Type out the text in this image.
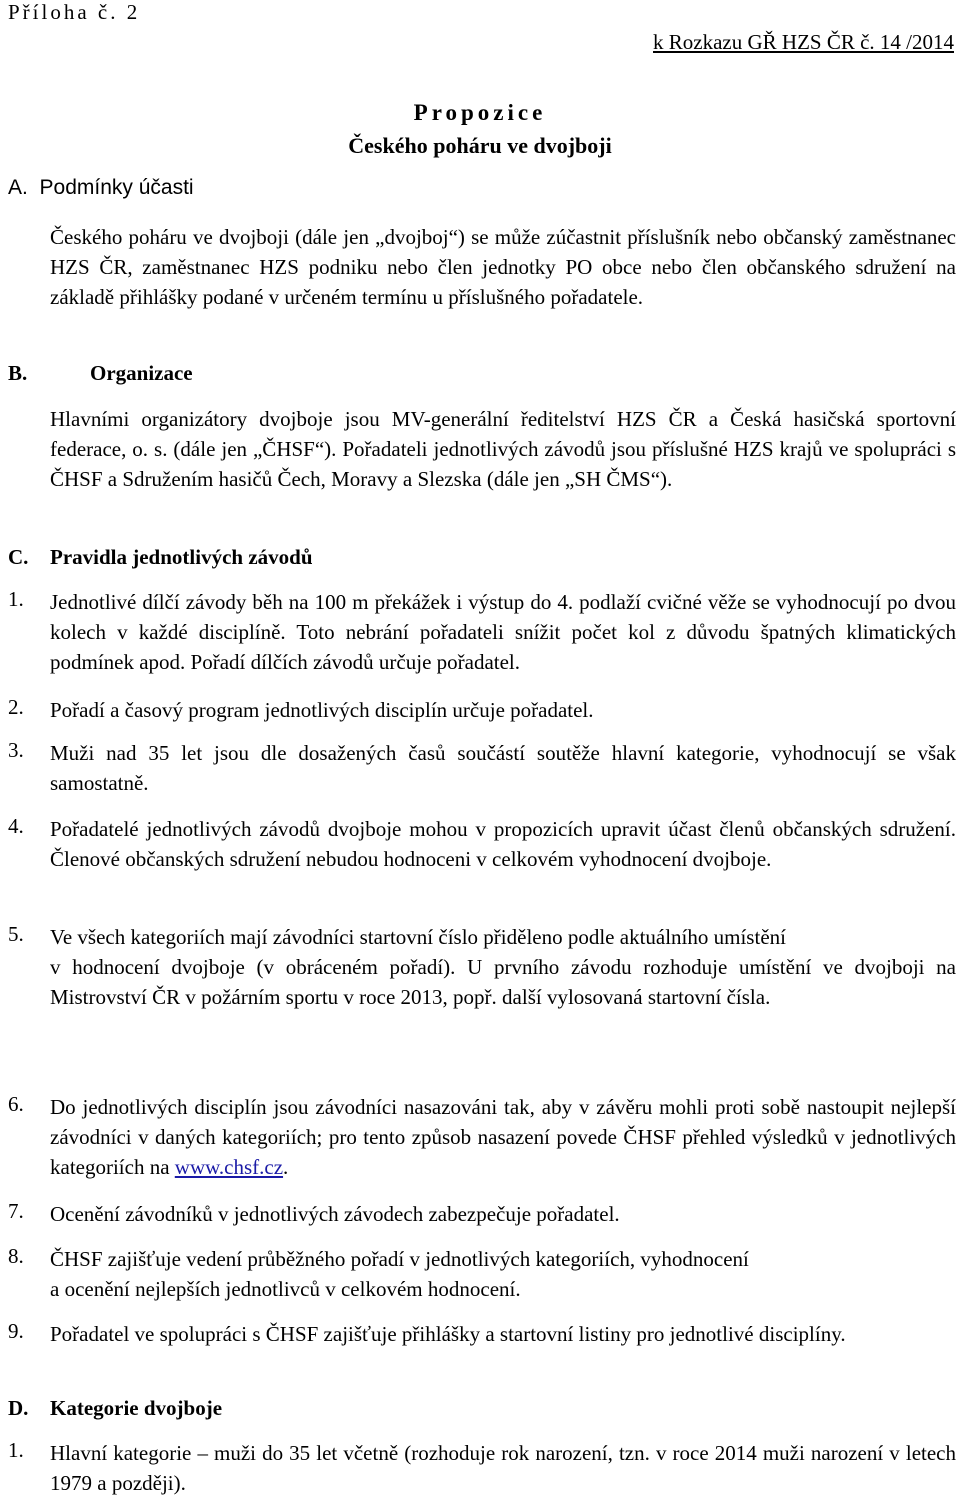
Příloha č. 2
k Rozkazu GŘ HZS ČR č. 14 /2014
Propozice
Českého poháru ve dvojboji
A. Podmínky účasti
Českého poháru ve dvojboji (dále jen „dvojboj“) se může zúčastnit příslušník nebo občanský zaměstnanec HZS ČR, zaměstnanec HZS podniku nebo člen jednotky PO obce nebo člen občanského sdružení na základě přihlášky podané v určeném termínu u příslušného pořadatele.
B.	Organizace
Hlavními organizátory dvojboje jsou MV-generální ředitelství HZS ČR a Česká hasičská sportovní federace, o. s. (dále jen „ČHSF“). Pořadateli jednotlivých závodů jsou příslušné HZS krajů ve spolupráci s ČHSF a Sdružením hasičů Čech, Moravy a Slezska (dále jen „SH ČMS“).
C. Pravidla jednotlivých závodů
1. Jednotlivé dílčí závody běh na 100 m překážek i výstup do 4. podlaží cvičné věže se vyhodnocují po dvou kolech v každé disciplíně. Toto nebrání pořadateli snížit počet kol z důvodu špatných klimatických podmínek apod. Pořadí dílčích závodů určuje pořadatel.
2. Pořadí a časový program jednotlivých disciplín určuje pořadatel.
3. Muži nad 35 let jsou dle dosažených časů součástí soutěže hlavní kategorie, vyhodnocují se však samostatně.
4. Pořadatelé jednotlivých závodů dvojboje mohou v propozicích upravit účast členů občanských sdružení. Členové občanských sdružení nebudou hodnoceni v celkovém vyhodnocení dvojboje.
5. Ve všech kategoriích mají závodníci startovní číslo přiděleno podle aktuálního umístění
v hodnocení dvojboje (v obráceném pořadí). U prvního závodu rozhoduje umístění ve dvojboji na Mistrovství ČR v požárním sportu v roce 2013, popř. další vylosovaná startovní čísla.
6. Do jednotlivých disciplín jsou závodníci nasazováni tak, aby v závěru mohli proti sobě nastoupit nejlepší závodníci v daných kategoriích; pro tento způsob nasazení povede ČHSF přehled výsledků v jednotlivých kategoriích na www.chsf.cz.
7. Ocenění závodníků v jednotlivých závodech zabezpečuje pořadatel.
8. ČHSF zajišťuje vedení průběžného pořadí v jednotlivých kategoriích, vyhodnocení
a ocenění nejlepších jednotlivců v celkovém hodnocení.
9. Pořadatel ve spolupráci s ČHSF zajišťuje přihlášky a startovní listiny pro jednotlivé disciplíny.
D. Kategorie dvojboje
1. Hlavní kategorie – muži do 35 let včetně (rozhoduje rok narození, tzn. v roce 2014 muži narození v letech 1979 a později).
